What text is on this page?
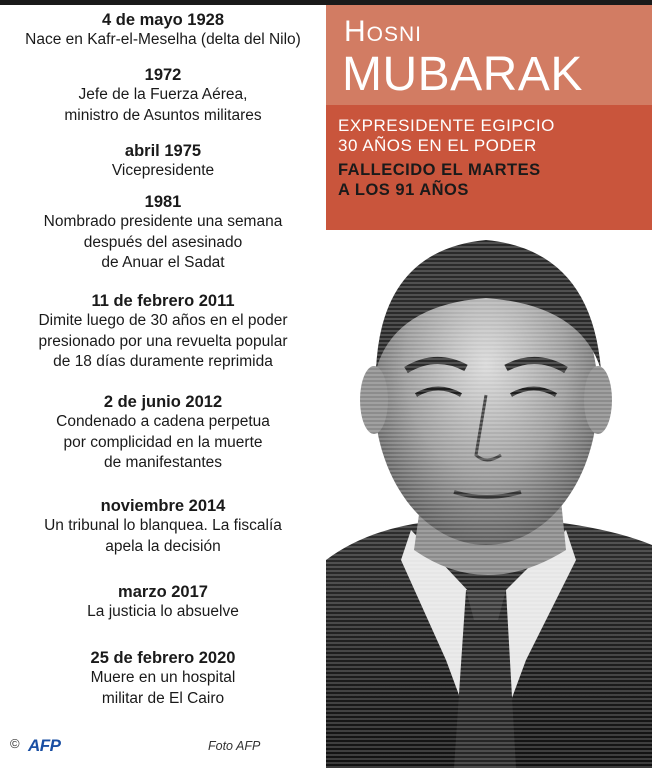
4 de mayo 1928
Nace en Kafr-el-Meselha (delta del Nilo)
1972
Jefe de la Fuerza Aérea,
ministro de Asuntos militares
abril 1975
Vicepresidente
1981
Nombrado presidente una semana
después del asesinado
de Anuar el Sadat
11 de febrero 2011
Dimite luego de 30 años en el poder
presionado por una revuelta popular
de 18 días duramente reprimida
2 de junio 2012
Condenado a cadena perpetua
por complicidad en la muerte
de manifestantes
noviembre 2014
Un tribunal lo blanquea. La fiscalía
apela la decisión
marzo 2017
La justicia lo absuelve
25 de febrero 2020
Muere en un hospital
militar de El Cairo
© AFP	Foto AFP
Hosni
MUBARAK
EXPRESIDENTE EGIPCIO
30 AÑOS EN EL PODER
FALLECIDO EL MARTES
A LOS 91 AÑOS
